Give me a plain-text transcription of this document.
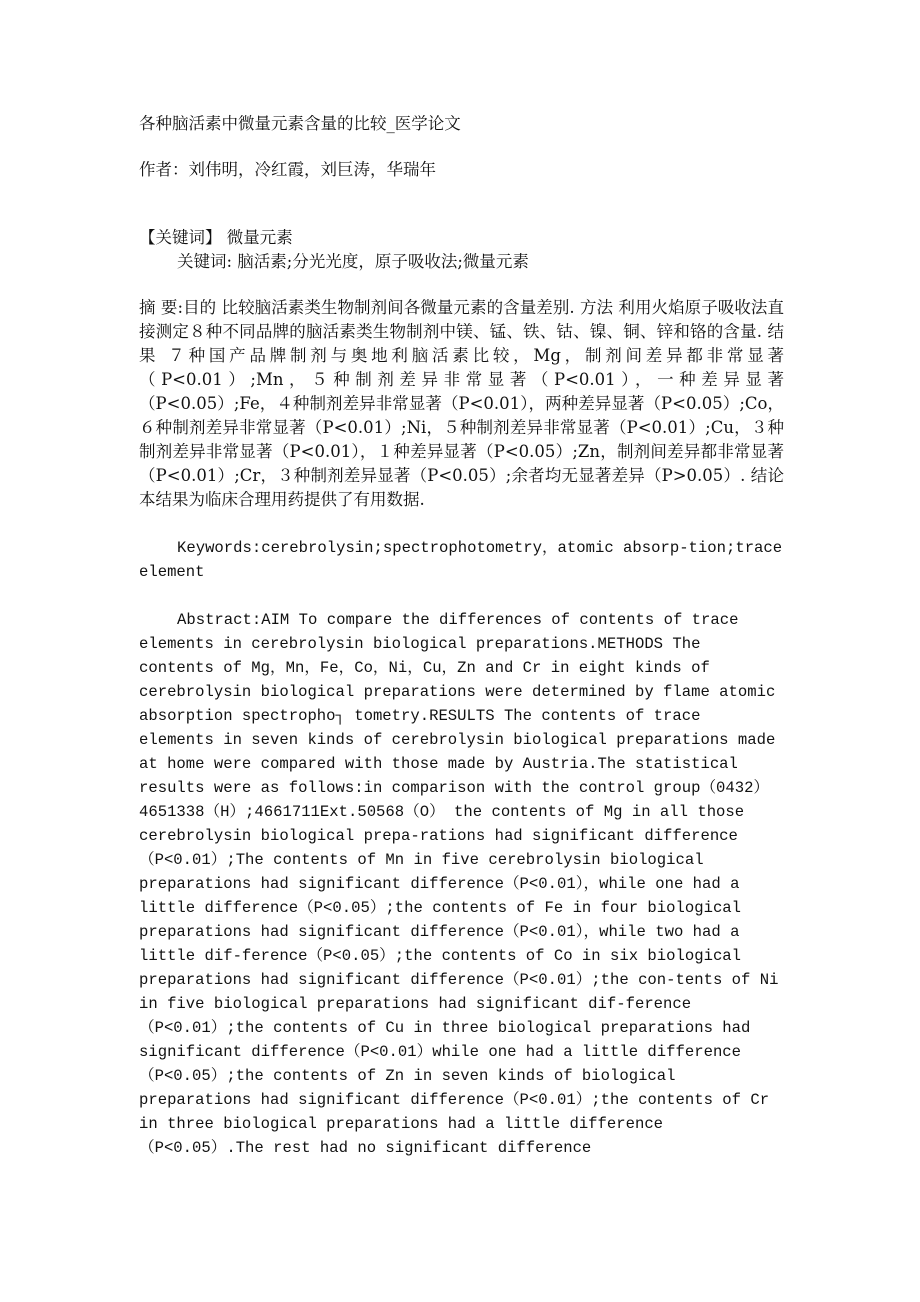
各种脑活素中微量元素含量的比较_医学论文

作者：刘伟明，冷红霞，刘巨涛，华瑞年

【关键词】 微量元素

关键词: 脑活素;分光光度，原子吸收法;微量元素

摘 要:目的 比较脑活素类生物制剂间各微量元素的含量差别. 方法 利用火焰原子吸收法直接测定８种不同品牌的脑活素类生物制剂中镁、锰、铁、钴、镍、铜、锌和铬的含量. 结果 ７种国产品牌制剂与奥地利脑活素比较，Mg，制剂间差异都非常显著（P<0.01）;Mn，５种制剂差异非常显著（P<0.01），一种差异显著（P<0.05）;Fe，４种制剂差异非常显著（P<0.01），两种差异显著（P<0.05）;Co，６种制剂差异非常显著（P<0.01）;Ni，５种制剂差异非常显著（P<0.01）;Cu，３种制剂差异非常显著（P<0.01），１种差异显著（P<0.05）;Zn，制剂间差异都非常显著（P<0.01）;Cr，３种制剂差异显著（P<0.05）;余者均无显著差异（P>0.05）. 结论 本结果为临床合理用药提供了有用数据.

Keywords:cerebrolysin;spectrophotometry，atomic absorp-tion;trace element

Abstract:AIM To compare the differences of contents of trace elements in cerebrolysin biological preparations.METHODS The contents of Mg，Mn，Fe，Co，Ni，Cu，Zn and Cr in eight kinds of cerebrolysin biological preparations were determined by flame atomic absorption spectropho┐ tometry.RESULTS The contents of trace elements in seven kinds of cerebrolysin biological preparations made at home were compared with those made by Austria.The statistical results were as follows:in comparison with the control group（0432）4651338（H）;4661711Ext.50568（O） the contents of Mg in all those cerebrolysin biological prepa-rations had significant difference（P<0.01）;The contents of Mn in five cerebrolysin biological preparations had significant difference（P<0.01），while one had a little difference（P<0.05）;the contents of Fe in four biological preparations had significant difference（P<0.01），while two had a little dif-ference（P<0.05）;the contents of Co in six biological preparations had significant difference（P<0.01）;the con-tents of Ni in five biological preparations had significant dif-ference（P<0.01）;the contents of Cu in three biological preparations had significant difference（P<0.01）while one had a little difference（P<0.05）;the contents of Zn in seven kinds of biological preparations had significant difference（P<0.01）;the contents of Cr in three biological preparations had a little difference（P<0.05）.The rest had no significant difference
